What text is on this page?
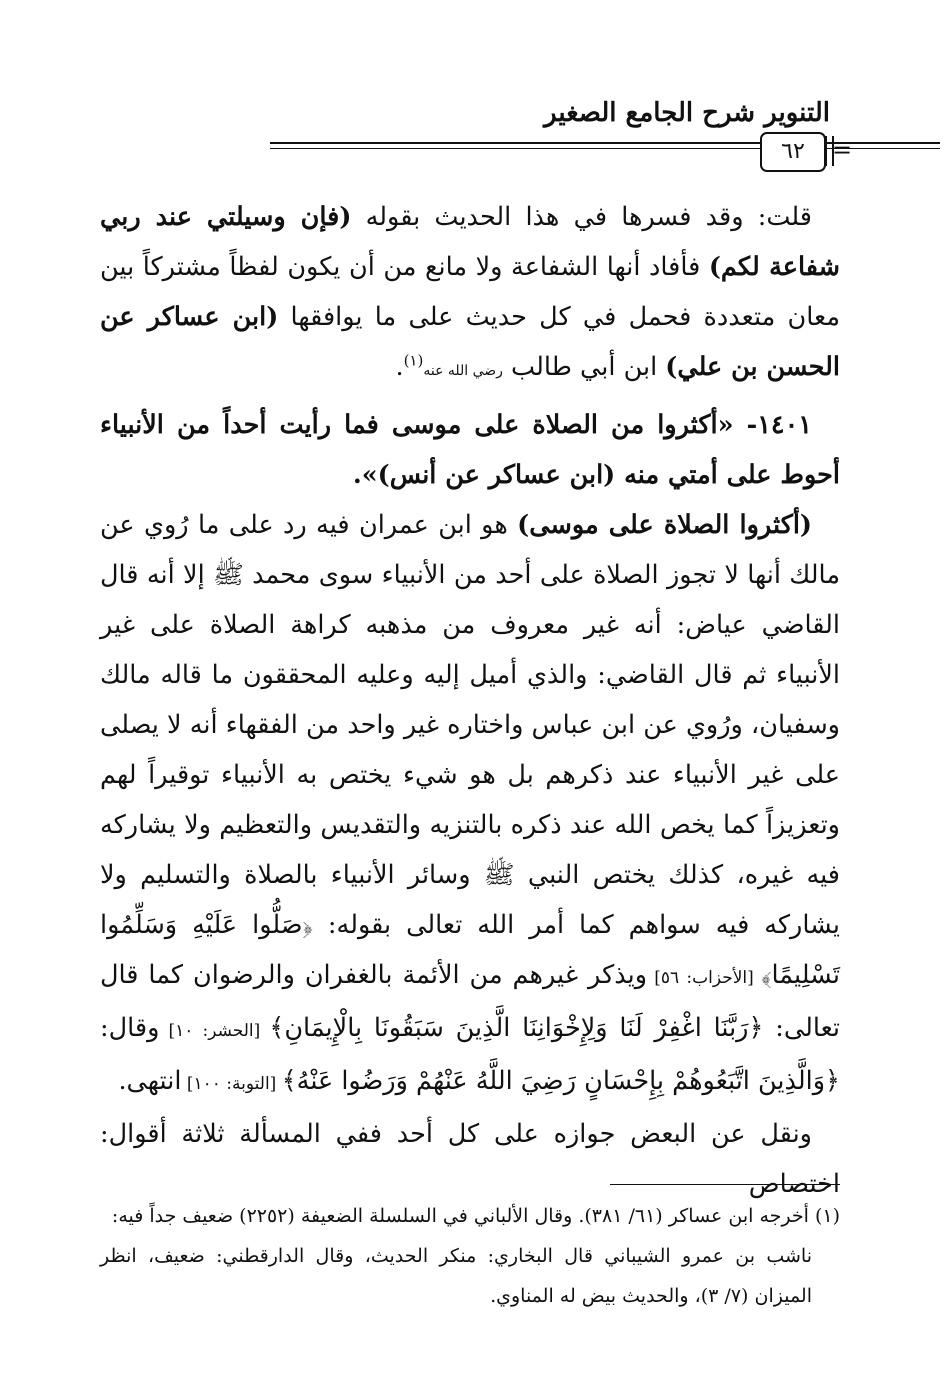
التنوير شرح الجامع الصغير
٦٢	=

قلت: وقد فسرها في هذا الحديث بقوله (فإن وسيلتي عند ربي شفاعة لكم) فأفاد أنها الشفاعة ولا مانع من أن يكون لفظاً مشتركاً بين معان متعددة فحمل في كل حديث على ما يوافقها (ابن عساكر عن الحسن بن علي) ابن أبي طالب رضي الله عنه$^{(١)}$.

١٤٠١- «أكثروا من الصلاة على موسى فما رأيت أحداً من الأنبياء أحوط على أمتي منه (ابن عساكر عن أنس)».

(أكثروا الصلاة على موسى) هو ابن عمران فيه رد على ما رُوي عن مالك أنها لا تجوز الصلاة على أحد من الأنبياء سوى محمد ﷺ إلا أنه قال القاضي عياض: أنه غير معروف من مذهبه كراهة الصلاة على غير الأنبياء ثم قال القاضي: والذي أميل إليه وعليه المحققون ما قاله مالك وسفيان، ورُوي عن ابن عباس واختاره غير واحد من الفقهاء أنه لا يصلى على غير الأنبياء عند ذكرهم بل هو شيء يختص به الأنبياء توقيراً لهم وتعزيزاً كما يخص الله عند ذكره بالتنزيه والتقديس والتعظيم ولا يشاركه فيه غيره، كذلك يختص النبي ﷺ وسائر الأنبياء بالصلاة والتسليم ولا يشاركه فيه سواهم كما أمر الله تعالى بقوله: ﴿صَلُّوا عَلَيْهِ وَسَلِّمُوا تَسْلِيمًا﴾ [الأحزاب: ٥٦] ويذكر غيرهم من الأئمة بالغفران والرضوان كما قال تعالى: ﴿رَبَّنَا اغْفِرْ لَنَا وَلِإِخْوَانِنَا الَّذِينَ سَبَقُونَا بِالْإِيمَانِ﴾ [الحشر: ١٠] وقال: ﴿وَالَّذِينَ اتَّبَعُوهُمْ بِإِحْسَانٍ رَضِيَ اللَّهُ عَنْهُمْ وَرَضُوا عَنْهُ﴾ [التوبة: ١٠٠] انتهى.

ونقل عن البعض جوازه على كل أحد ففي المسألة ثلاثة أقوال: اختصاص

(١) أخرجه ابن عساكر (٦١/ ٣٨١). وقال الألباني في السلسلة الضعيفة (٢٢٥٢) ضعيف جداً فيه:

ناشب بن عمرو الشيباني قال البخاري: منكر الحديث، وقال الدارقطني: ضعيف، انظر الميزان (٧/ ٣)، والحديث بيض له المناوي.
